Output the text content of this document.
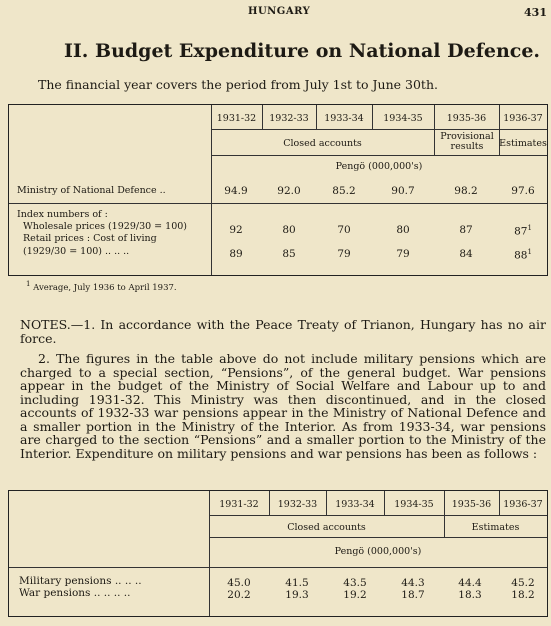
HUNGARY	431
II. Budget Expenditure on National Defence.
The financial year covers the period from July 1st to June 30th.
1931-32	1932-33	1933-34	1934-35	1935-36	1936-37
Closed accounts
Provisional results	Estimates
Pengö (000,000's)
Ministry of National Defence ..	94.9	92.0	85.2	90.7	98.2	97.6
Index numbers of :
Wholesale prices (1929/30 = 100)	92	80	70	80	87	$87^1$
Retail prices : Cost of living
(1929/30 = 100) .. .. ..	89	85	79	79	84	$88^1$
$^1$ Average, July 1936 to April 1937.
NOTES.—1. In accordance with the Peace Treaty of Trianon, Hungary has no air force.
2. The figures in the table above do not include military pensions which are charged to a special section, “Pensions”, of the general budget. War pensions appear in the budget of the Ministry of Social Welfare and Labour up to and including 1931-32. This Ministry was then discontinued, and in the closed accounts of 1932-33 war pensions appear in the Ministry of National Defence and a smaller portion in the Ministry of the Interior. As from 1933-34, war pensions are charged to the section “Pensions” and a smaller portion to the Ministry of the Interior. Expenditure on military pensions and war pensions has been as follows :
1931-32	1932-33	1933-34	1934-35	1935-36	1936-37
Closed accounts	Estimates
Pengö (000,000's)
Military pensions .. .. ..	45.0	41.5	43.5	44.3	44.4	45.2
War pensions .. .. .. ..	20.2	19.3	19.2	18.7	18.3	18.2
